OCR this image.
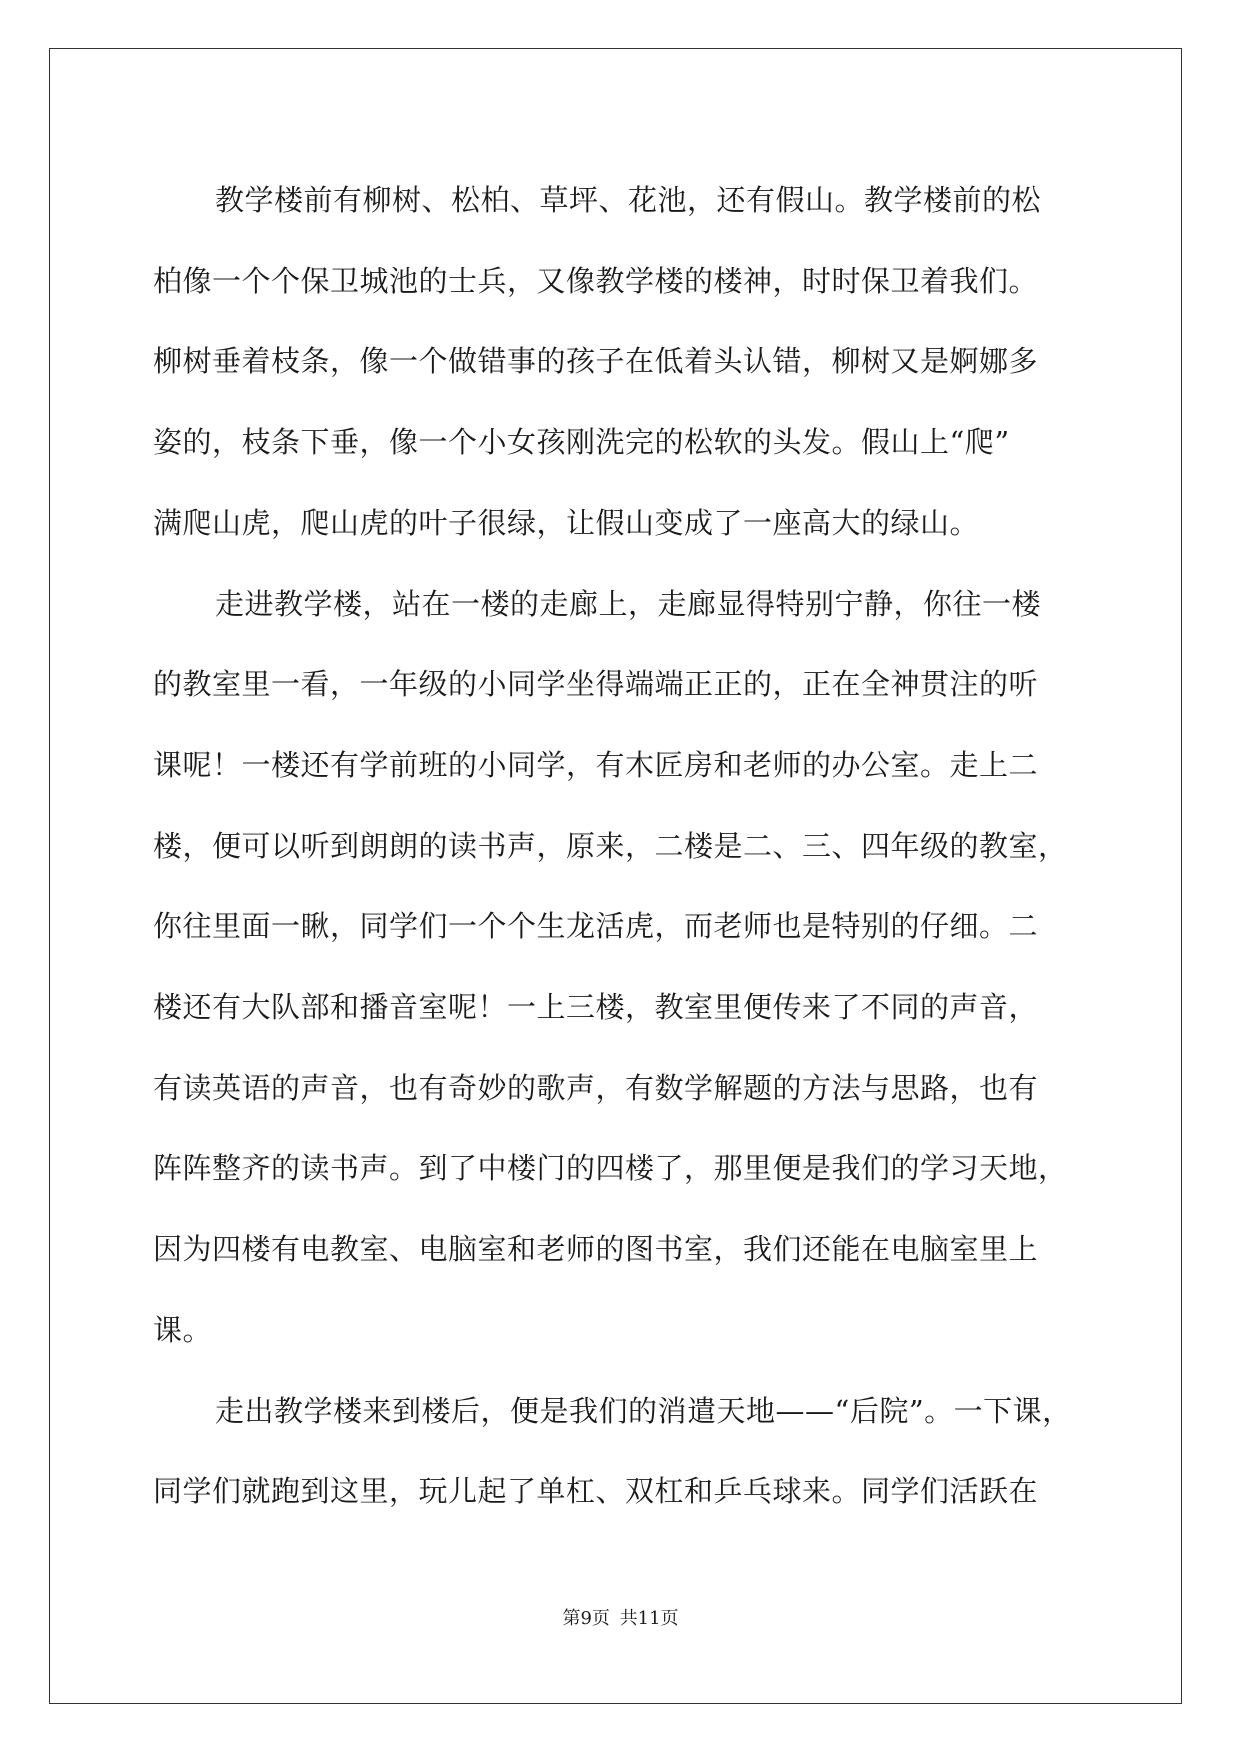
教学楼前有柳树、松柏、草坪、花池，还有假山。教学楼前的松
柏像一个个保卫城池的士兵，又像教学楼的楼神，时时保卫着我们。
柳树垂着枝条，像一个做错事的孩子在低着头认错，柳树又是婀娜多
姿的，枝条下垂，像一个小女孩刚洗完的松软的头发。假山上“爬”
满爬山虎，爬山虎的叶子很绿，让假山变成了一座高大的绿山。

走进教学楼，站在一楼的走廊上，走廊显得特别宁静，你往一楼
的教室里一看，一年级的小同学坐得端端正正的，正在全神贯注的听
课呢！一楼还有学前班的小同学，有木匠房和老师的办公室。走上二
楼，便可以听到朗朗的读书声，原来，二楼是二、三、四年级的教室，
你往里面一瞅，同学们一个个生龙活虎，而老师也是特别的仔细。二
楼还有大队部和播音室呢！一上三楼，教室里便传来了不同的声音，
有读英语的声音，也有奇妙的歌声，有数学解题的方法与思路，也有
阵阵整齐的读书声。到了中楼门的四楼了，那里便是我们的学习天地，
因为四楼有电教室、电脑室和老师的图书室，我们还能在电脑室里上
课。

走出教学楼来到楼后，便是我们的消遣天地——“后院”。一下课，
同学们就跑到这里，玩儿起了单杠、双杠和乒乓球来。同学们活跃在

第9页 共11页
